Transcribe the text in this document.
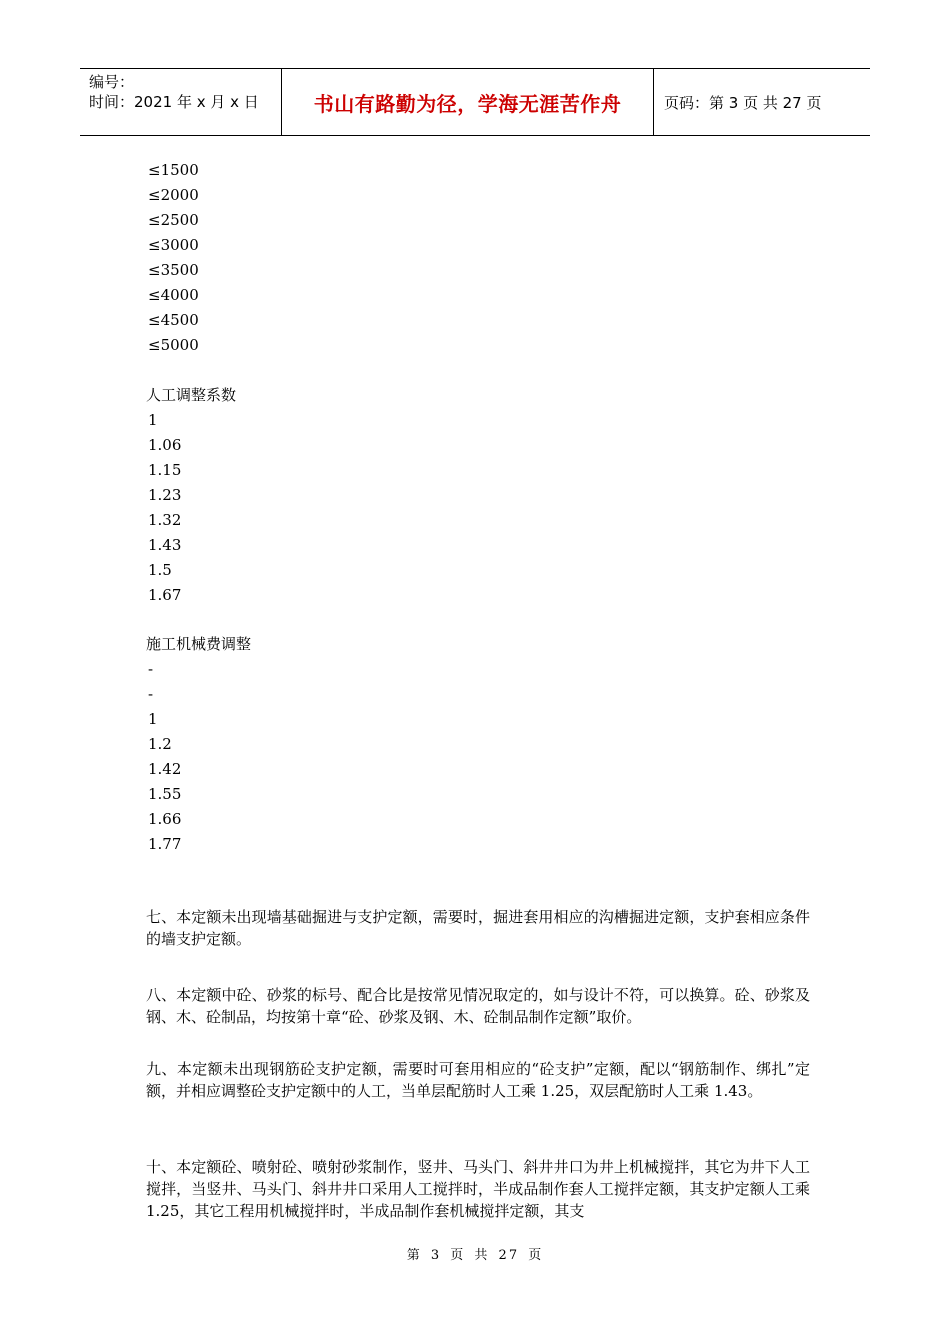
编号：
时间：2021 年 x 月 x 日	书山有路勤为径，学海无涯苦作舟	页码：第 3 页 共 27 页
≤1500
≤2000
≤2500
≤3000
≤3500
≤4000
≤4500
≤5000
人工调整系数
1
1.06
1.15
1.23
1.32
1.43
1.5
1.67
施工机械费调整
-
-
1
1.2
1.42
1.55
1.66
1.77
七、本定额未出现墙基础掘进与支护定额，需要时，掘进套用相应的沟槽掘进定额，支护套相应条件的墙支护定额。
八、本定额中砼、砂浆的标号、配合比是按常见情况取定的，如与设计不符，可以换算。砼、砂浆及钢、木、砼制品，均按第十章“砼、砂浆及钢、木、砼制品制作定额”取价。
九、本定额未出现钢筋砼支护定额，需要时可套用相应的“砼支护”定额，配以“钢筋制作、绑扎”定额，并相应调整砼支护定额中的人工，当单层配筋时人工乘 1.25，双层配筋时人工乘 1.43。
十、本定额砼、喷射砼、喷射砂浆制作，竖井、马头门、斜井井口为井上机械搅拌，其它为井下人工搅拌，当竖井、马头门、斜井井口采用人工搅拌时，半成品制作套人工搅拌定额，其支护定额人工乘 1.25，其它工程用机械搅拌时，半成品制作套机械搅拌定额，其支
第 3 页 共 27 页
